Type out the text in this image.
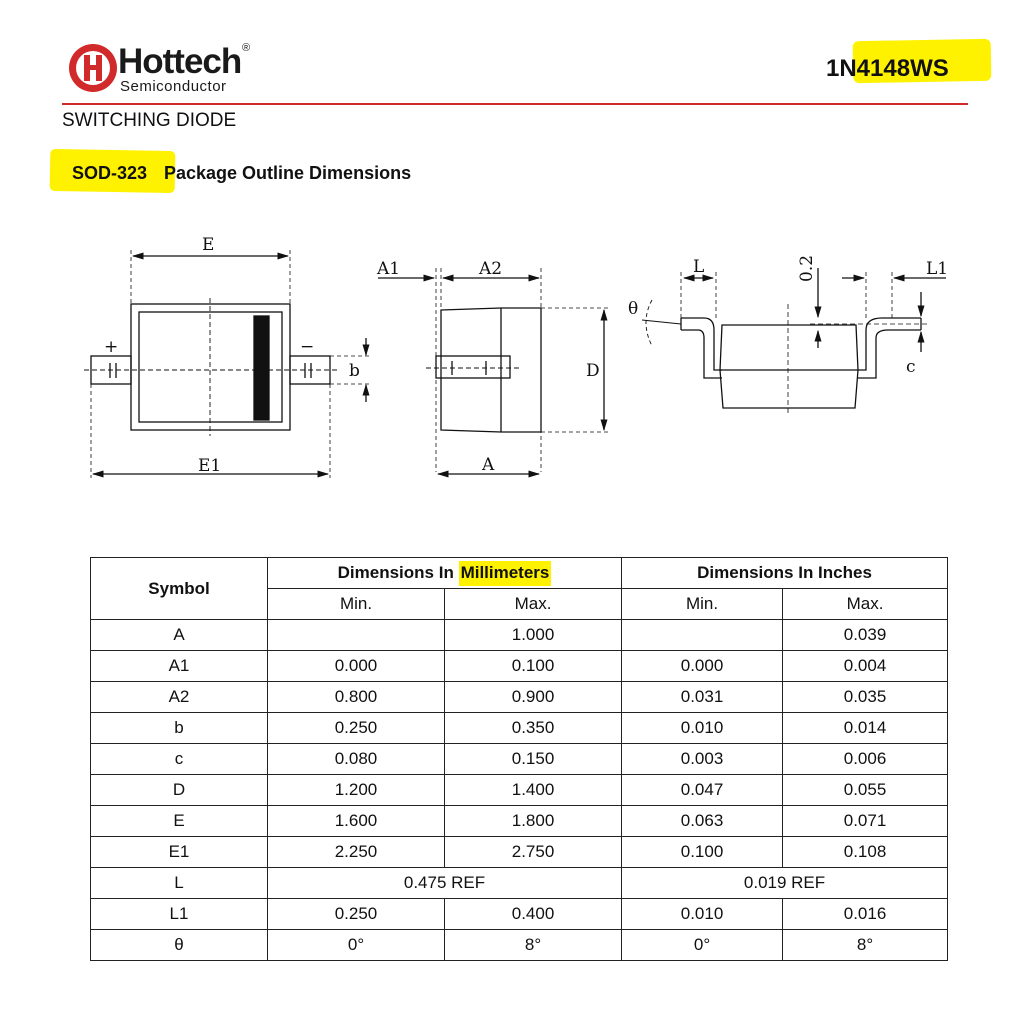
Hottech ®
Semiconductor
1N4148WS
SWITCHING DIODE
SOD-323 Package Outline Dimensions
E
E1
+	−
b
A1	A2
D
A
L
θ
0.2	L1
c
Symbol	Dimensions In Millimeters		Dimensions In Inches	
	Min.	Max.	Min.	Max.
A		1.000		0.039
A1	0.000	0.100	0.000	0.004
A2	0.800	0.900	0.031	0.035
b	0.250	0.350	0.010	0.014
c	0.080	0.150	0.003	0.006
D	1.200	1.400	0.047	0.055
E	1.600	1.800	0.063	0.071
E1	2.250	2.750	0.100	0.108
L	0.475 REF		0.019 REF	
L1	0.250	0.400	0.010	0.016
θ	0°	8°	0°	8°
